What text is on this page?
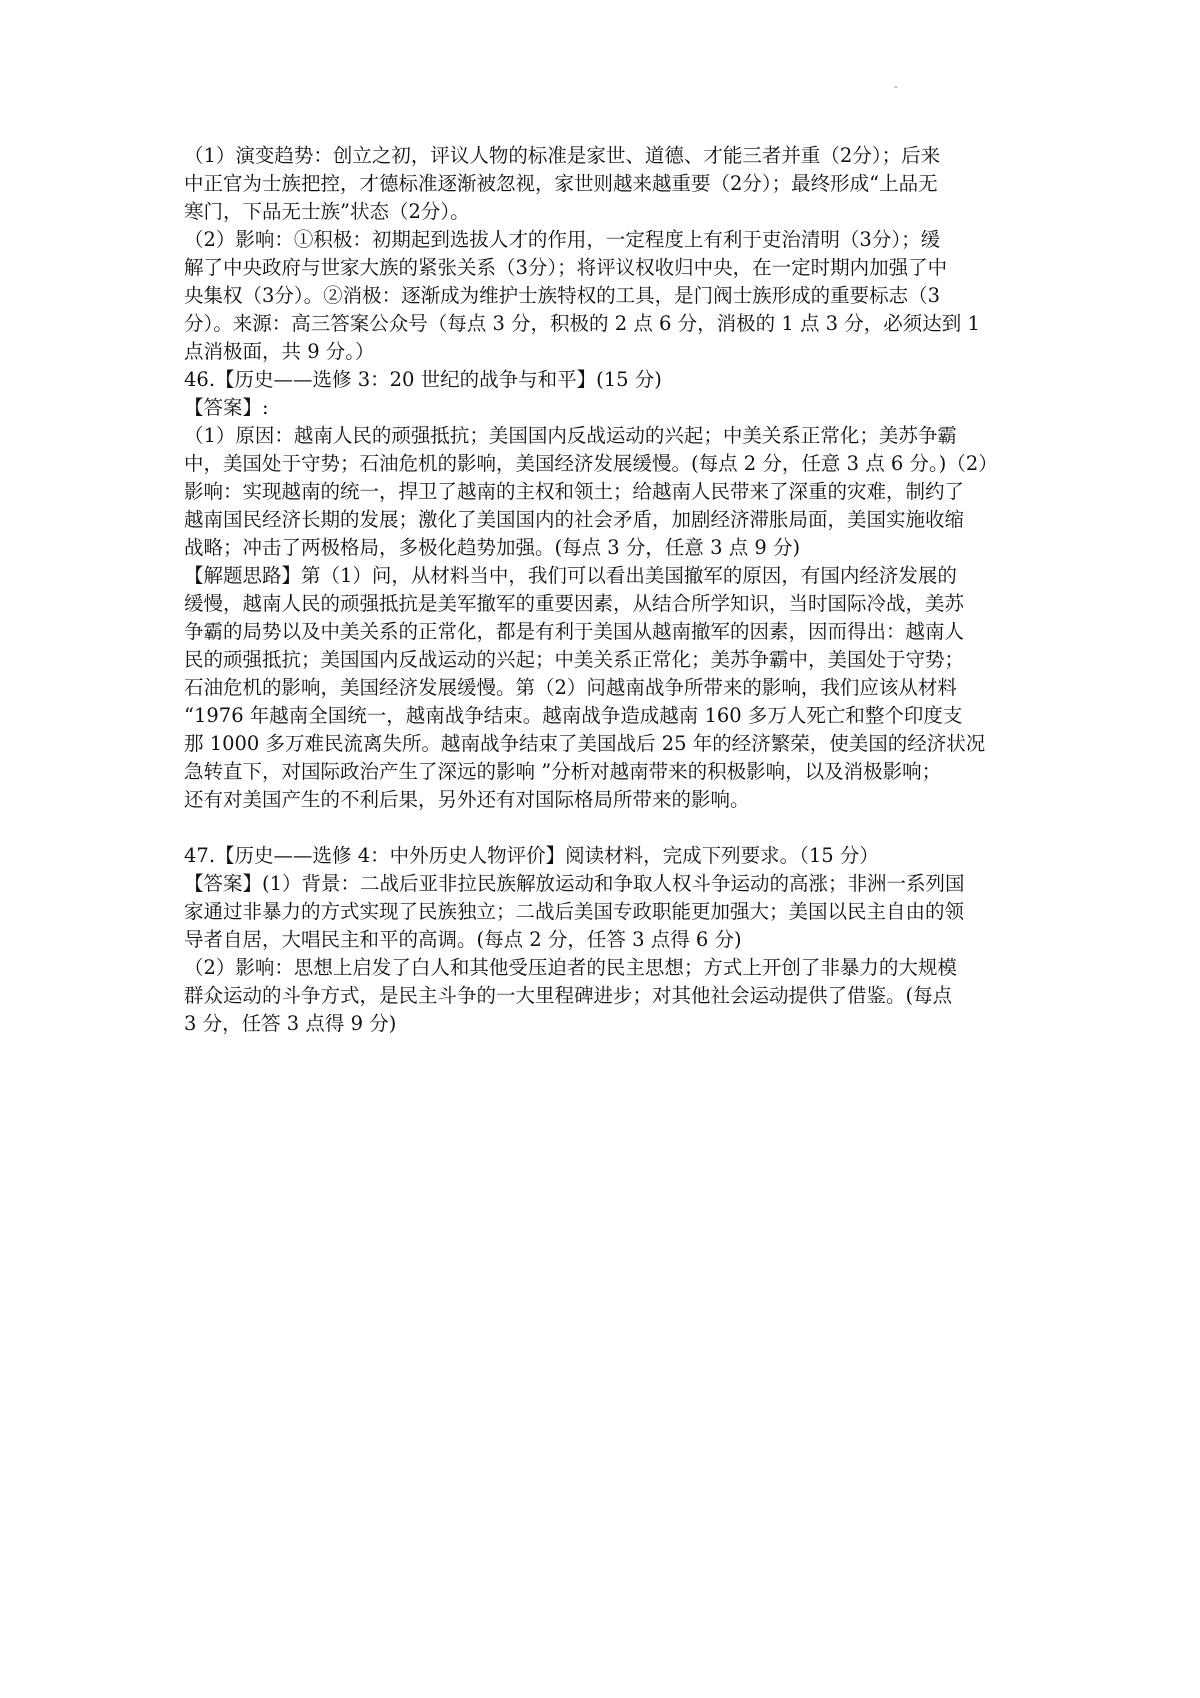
-
（1）演变趋势：创立之初，评议人物的标准是家世、道德、才能三者并重（2分）；后来
中正官为士族把控，才德标准逐渐被忽视，家世则越来越重要（2分）；最终形成“上品无
寒门，下品无士族”状态（2分）。
（2）影响：①积极：初期起到选拔人才的作用，一定程度上有利于吏治清明（3分）；缓
解了中央政府与世家大族的紧张关系（3分）；将评议权收归中央，在一定时期内加强了中
央集权（3分）。②消极：逐渐成为维护士族特权的工具，是门阀士族形成的重要标志（3
分）。来源：高三答案公众号（每点 3 分，积极的 2 点 6 分，消极的 1 点 3 分，必须达到 1
点消极面，共 9 分。）
46.【历史——选修 3：20 世纪的战争与和平】(15 分)
【答案】:
（1）原因：越南人民的顽强抵抗；美国国内反战运动的兴起；中美关系正常化；美苏争霸
中，美国处于守势；石油危机的影响，美国经济发展缓慢。(每点 2 分，任意 3 点 6 分。)（2）
影响：实现越南的统一，捍卫了越南的主权和领土；给越南人民带来了深重的灾难，制约了
越南国民经济长期的发展；激化了美国国内的社会矛盾，加剧经济滞胀局面，美国实施收缩
战略；冲击了两极格局，多极化趋势加强。(每点 3 分，任意 3 点 9 分)
【解题思路】第（1）问，从材料当中，我们可以看出美国撤军的原因，有国内经济发展的
缓慢，越南人民的顽强抵抗是美军撤军的重要因素，从结合所学知识，当时国际冷战，美苏
争霸的局势以及中美关系的正常化，都是有利于美国从越南撤军的因素，因而得出：越南人
民的顽强抵抗；美国国内反战运动的兴起；中美关系正常化；美苏争霸中，美国处于守势；
石油危机的影响，美国经济发展缓慢。第（2）问越南战争所带来的影响，我们应该从材料
“1976 年越南全国统一，越南战争结束。越南战争造成越南 160 多万人死亡和整个印度支
那 1000 多万难民流离失所。越南战争结束了美国战后 25 年的经济繁荣，使美国的经济状况
急转直下，对国际政治产生了深远的影响 ”分析对越南带来的积极影响，以及消极影响；
还有对美国产生的不利后果，另外还有对国际格局所带来的影响。
47.【历史——选修 4：中外历史人物评价】阅读材料，完成下列要求。（15 分）
【答案】(1）背景：二战后亚非拉民族解放运动和争取人权斗争运动的高涨；非洲一系列国
家通过非暴力的方式实现了民族独立；二战后美国专政职能更加强大；美国以民主自由的领
导者自居，大唱民主和平的高调。(每点 2 分，任答 3 点得 6 分)
（2）影响：思想上启发了白人和其他受压迫者的民主思想；方式上开创了非暴力的大规模
群众运动的斗争方式，是民主斗争的一大里程碑进步；对其他社会运动提供了借鉴。(每点
3 分，任答 3 点得 9 分)
